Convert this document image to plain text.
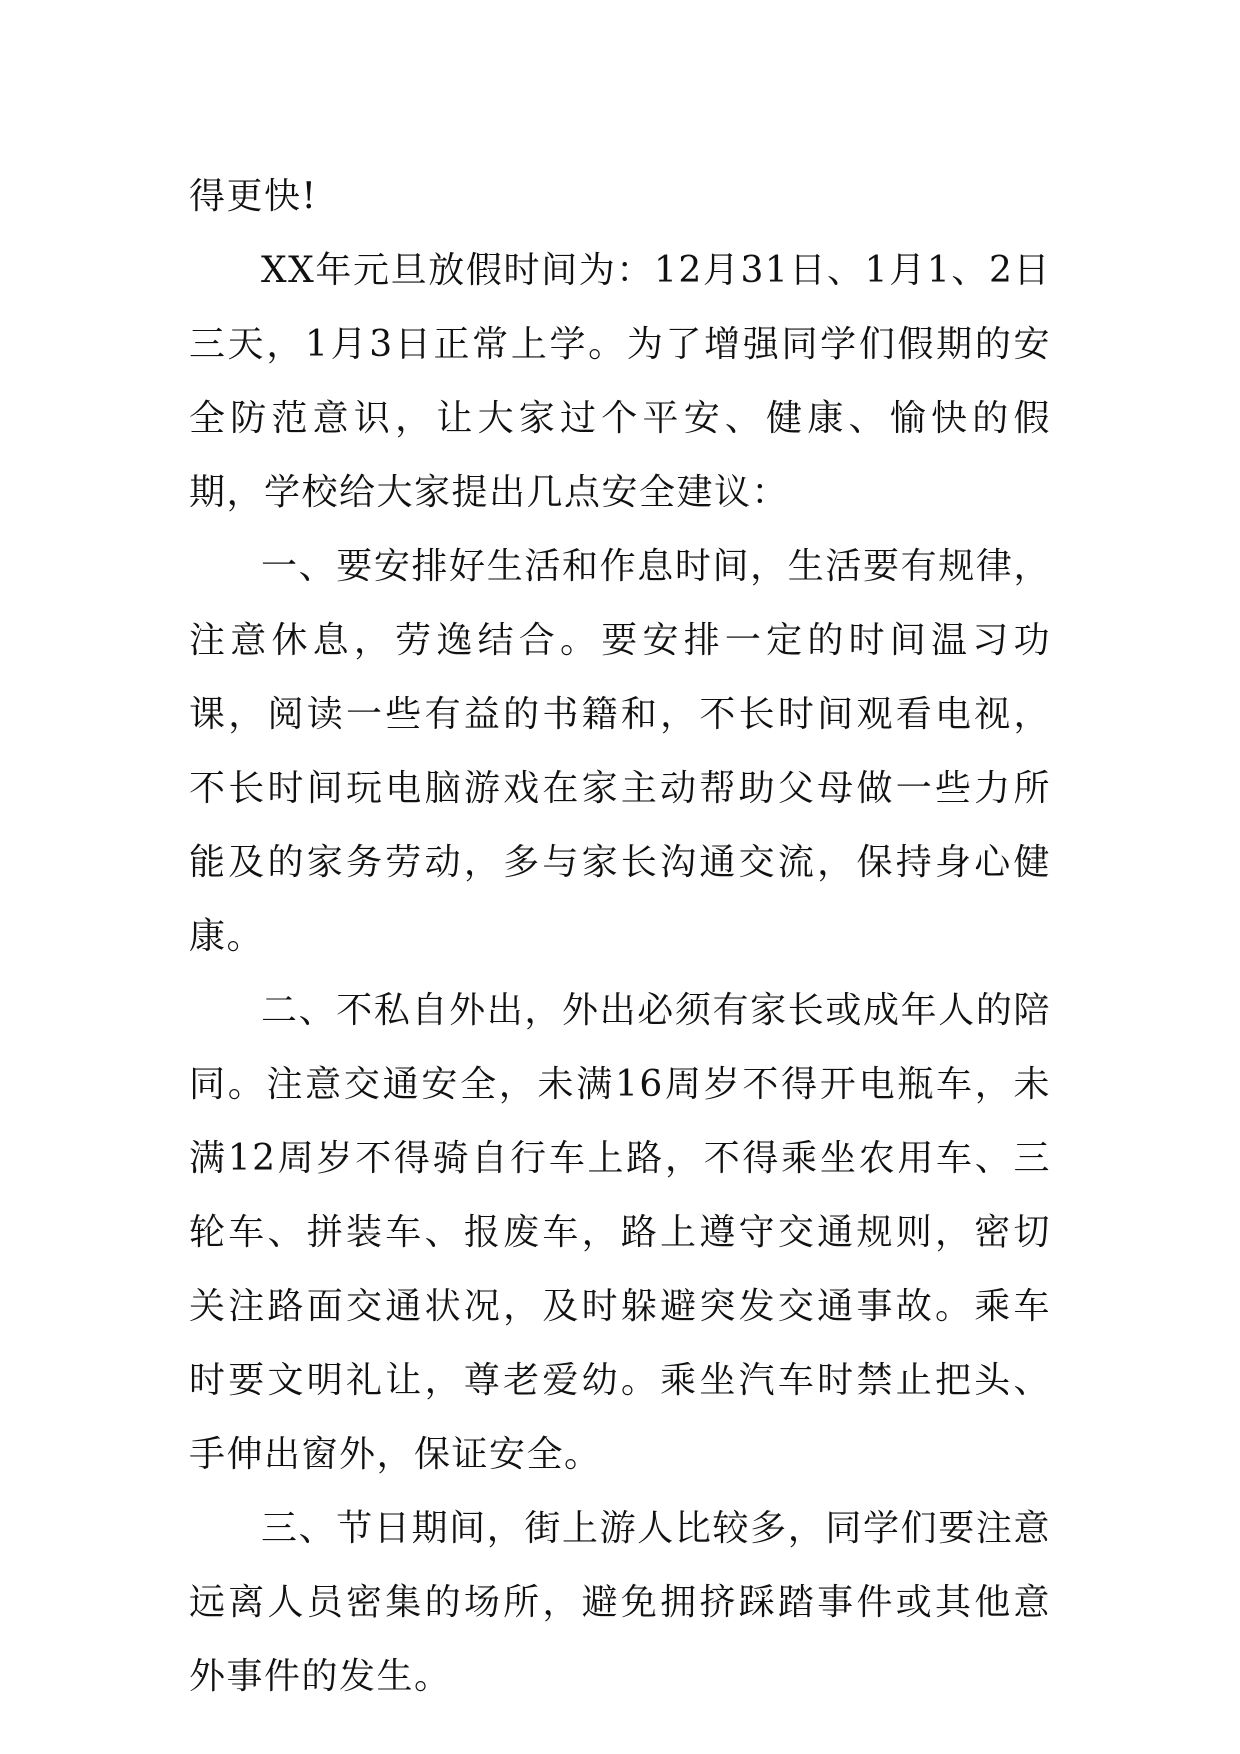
得更快!

XX年元旦放假时间为：12月31日、1月1、2日三天，1月3日正常上学。为了增强同学们假期的安全防范意识，让大家过个平安、健康、愉快的假期，学校给大家提出几点安全建议：

一、要安排好生活和作息时间，生活要有规律，注意休息，劳逸结合。要安排一定的时间温习功课，阅读一些有益的书籍和，不长时间观看电视，不长时间玩电脑游戏在家主动帮助父母做一些力所能及的家务劳动，多与家长沟通交流，保持身心健康。

二、不私自外出，外出必须有家长或成年人的陪同。注意交通安全，未满16周岁不得开电瓶车，未满12周岁不得骑自行车上路，不得乘坐农用车、三轮车、拼装车、报废车，路上遵守交通规则，密切关注路面交通状况，及时躲避突发交通事故。乘车时要文明礼让，尊老爱幼。乘坐汽车时禁止把头、手伸出窗外，保证安全。

三、节日期间，街上游人比较多，同学们要注意远离人员密集的场所，避免拥挤踩踏事件或其他意外事件的发生。
